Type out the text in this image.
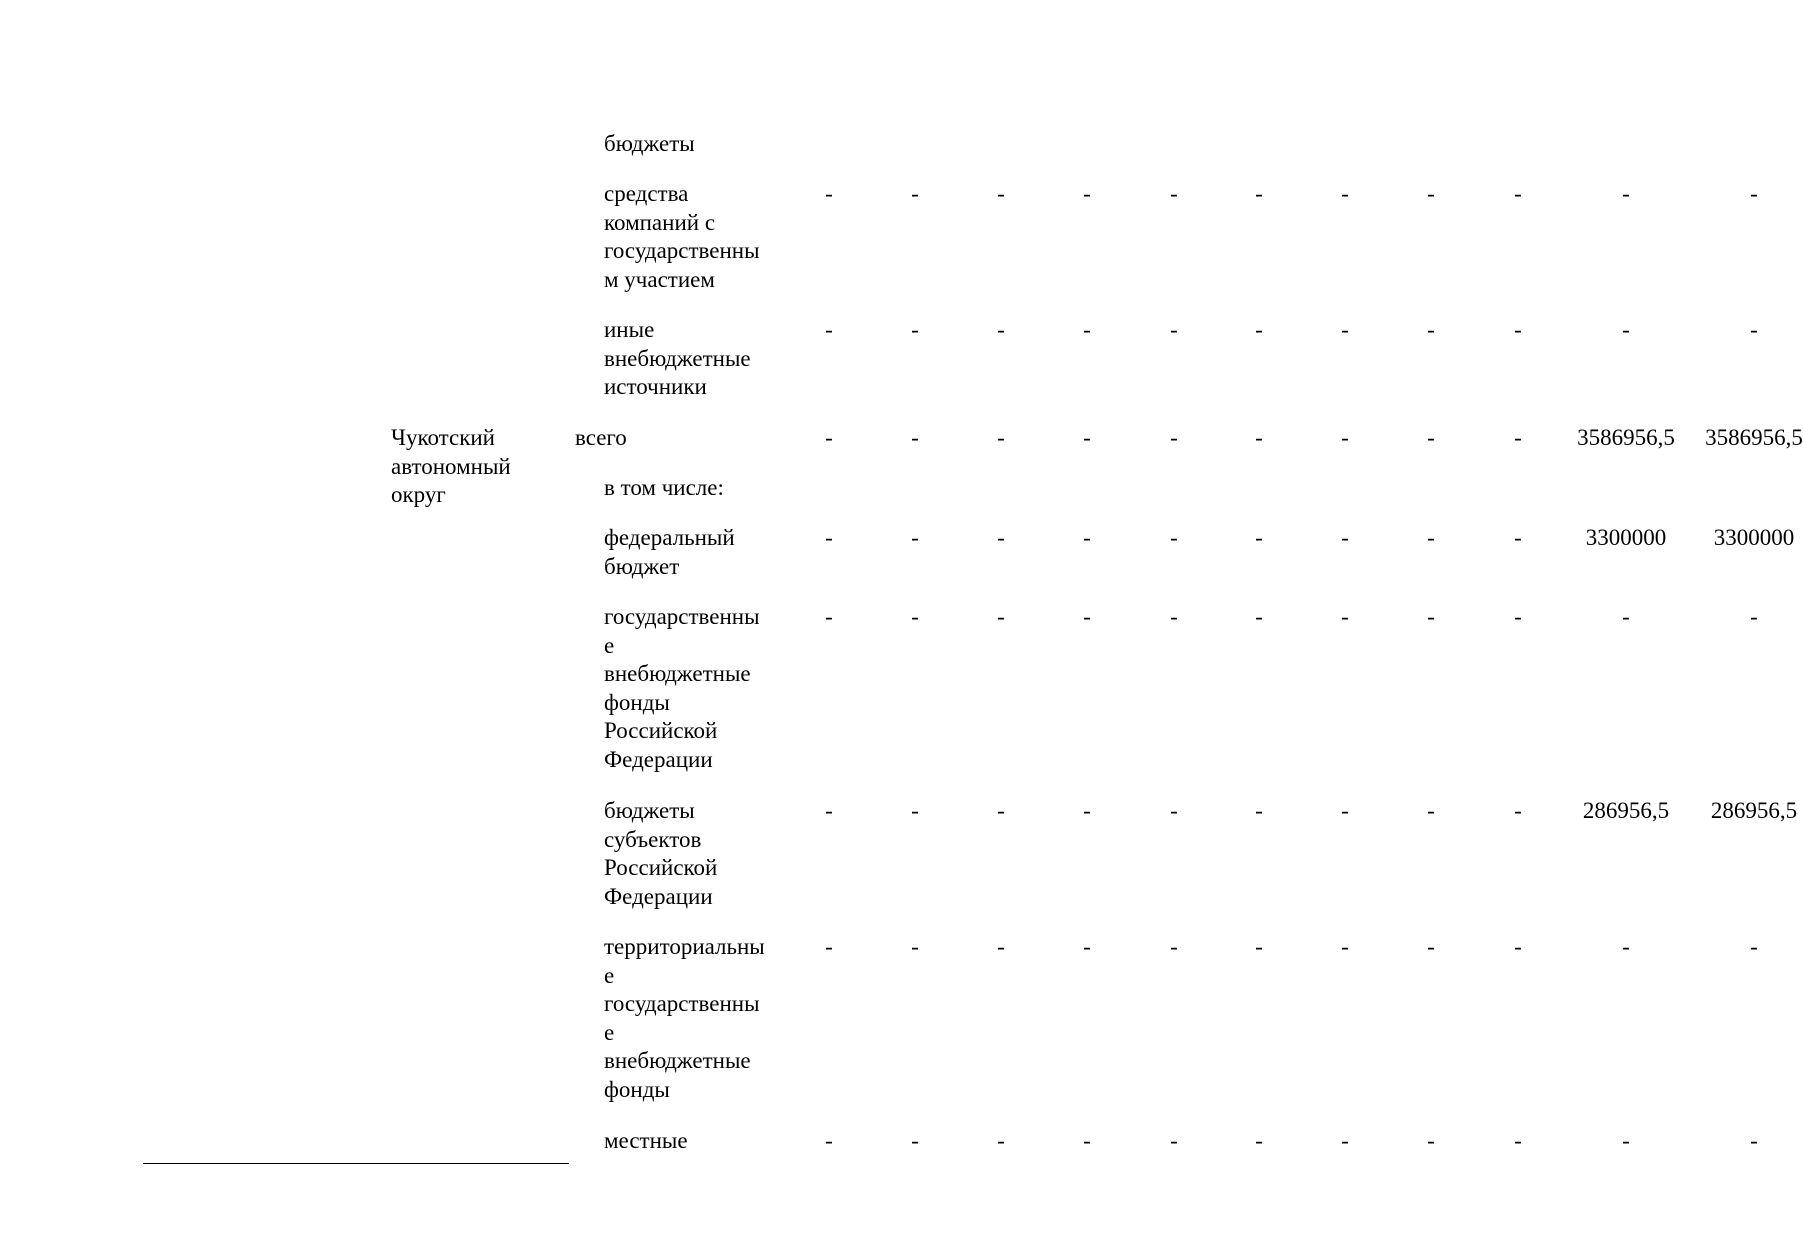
Чукотский
автономный
округ
бюджеты
средства
компаний с
государственны
м участием
-	-	-	-	-	-	-	-	-	-	-
иные
внебюджетные
источники
-	-	-	-	-	-	-	-	-	-	-
всего	-	-	-	-	-	-	-	-	- 3586956,5 3586956,5
в том числе:
федеральный
бюджет
-	-	-	-	-	-	-	-	-	3300000 3300000
государственны
е
внебюджетные
фонды
Российской
Федерации
-	-	-	-	-	-	-	-	-	-	-
бюджеты
субъектов
Российской
Федерации
-	-	-	-	-	-	-	-	-	286956,5 286956,5
территориальны
е
государственны
е
внебюджетные
фонды
-	-	-	-	-	-	-	-	-	-	-
местные	-	-	-	-	-	-	-	-	-	-	-
